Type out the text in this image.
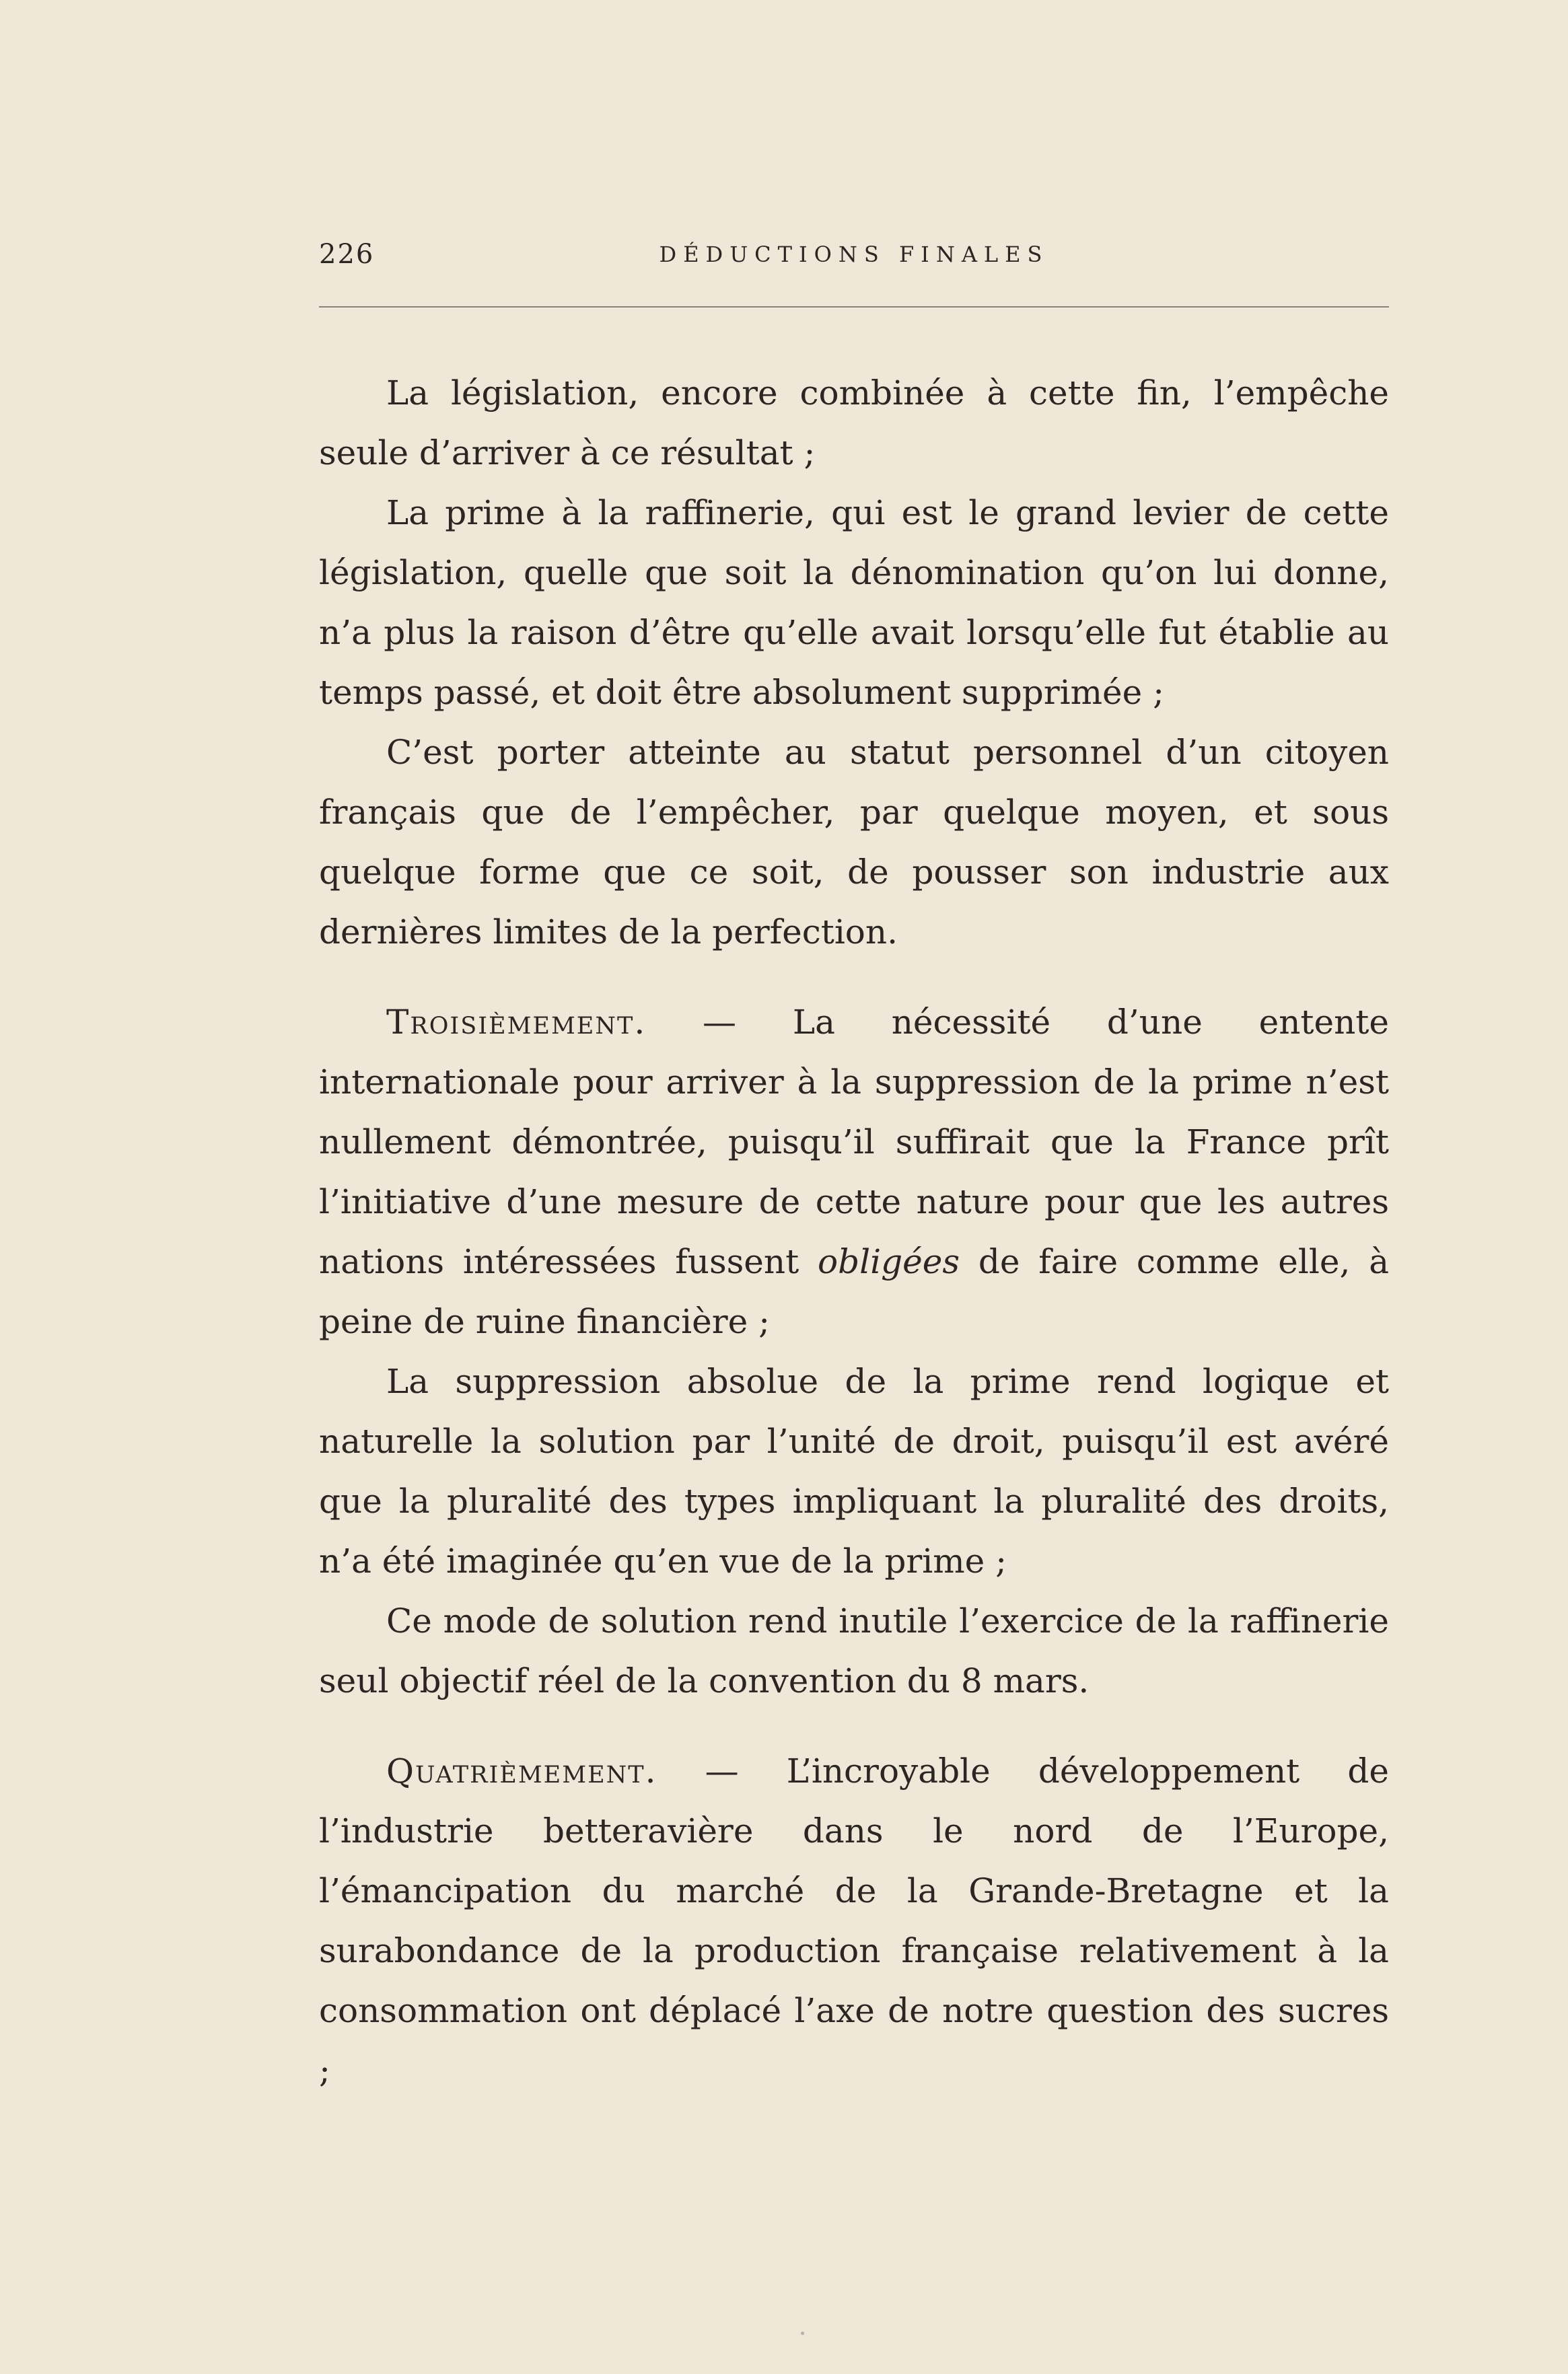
226	DÉDUCTIONS FINALES

La législation, encore combinée à cette fin, l’empêche seule d’arriver à ce résultat ;

La prime à la raffinerie, qui est le grand levier de cette législation, quelle que soit la dénomination qu’on lui donne, n’a plus la raison d’être qu’elle avait lorsqu’elle fut établie au temps passé, et doit être absolument supprimée ;

C’est porter atteinte au statut personnel d’un citoyen français que de l’empêcher, par quelque moyen, et sous quelque forme que ce soit, de pousser son industrie aux dernières limites de la perfection.

Troisièmement. — La nécessité d’une entente internationale pour arriver à la suppression de la prime n’est nullement démontrée, puisqu’il suffirait que la France prît l’initiative d’une mesure de cette nature pour que les autres nations intéressées fussent obligées de faire comme elle, à peine de ruine financière ;

La suppression absolue de la prime rend logique et naturelle la solution par l’unité de droit, puisqu’il est avéré que la pluralité des types impliquant la pluralité des droits, n’a été imaginée qu’en vue de la prime ;

Ce mode de solution rend inutile l’exercice de la raffinerie seul objectif réel de la convention du 8 mars.

Quatrièmement. — L’incroyable développement de l’industrie betteravière dans le nord de l’Europe, l’émancipation du marché de la Grande-Bretagne et la surabondance de la production française relativement à la consommation ont déplacé l’axe de notre question des sucres ;
